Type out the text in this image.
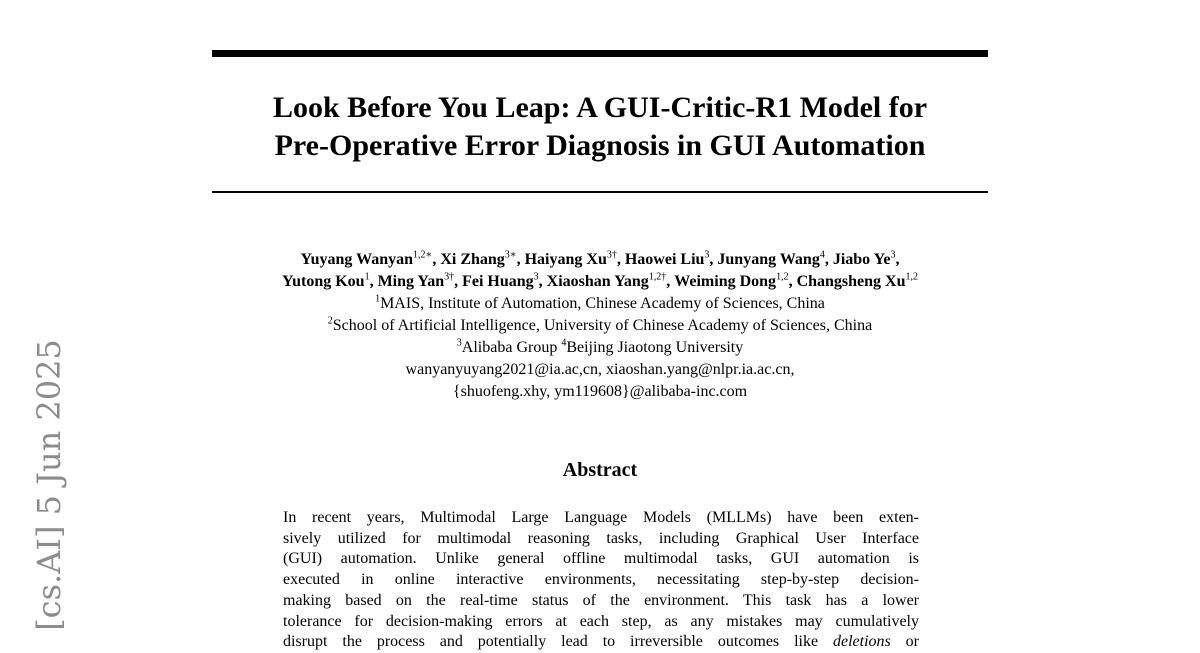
[cs.AI] 5 Jun 2025
Look Before You Leap: A GUI-Critic-R1 Model for
Pre-Operative Error Diagnosis in GUI Automation
Yuyang Wanyan$^{1,2∗}$, Xi Zhang$^{3∗}$, Haiyang $Xu^{3\dagger}$, Haowei Liu$^3$, Junyang Wang$^4$, Jiabo Ye$^3$,
Yutong Kou$^1$, Ming Yan$^{3\dagger}$, Fei Huang$^3$, Xiaoshan Yang$^{1,2\dagger}$, Weiming Dong$^{1,2}$, Changsheng Xu$^{1,2}$
$^1$MAIS, Institute of Automation, Chinese Academy of Sciences, China
$^2$School of Artificial Intelligence, University of Chinese Academy of Sciences, China
$^3$Alibaba Group $^4$Beijing Jiaotong University
wanyanyuyang2021@ia.ac,cn, xiaoshan.yang@nlpr.ia.ac.cn,
{shuofeng.xhy, ym119608}@alibaba-inc.com
Abstract
In recent years, Multimodal Large Language Models (MLLMs) have been exten-
sively utilized for multimodal reasoning tasks, including Graphical User Interface
(GUI) automation. Unlike general offline multimodal tasks, GUI automation is
executed in online interactive environments, necessitating step-by-step decision-
making based on the real-time status of the environment. This task has a lower
tolerance for decision-making errors at each step, as any mistakes may cumulatively
disrupt the process and potentially lead to irreversible outcomes like deletions or
